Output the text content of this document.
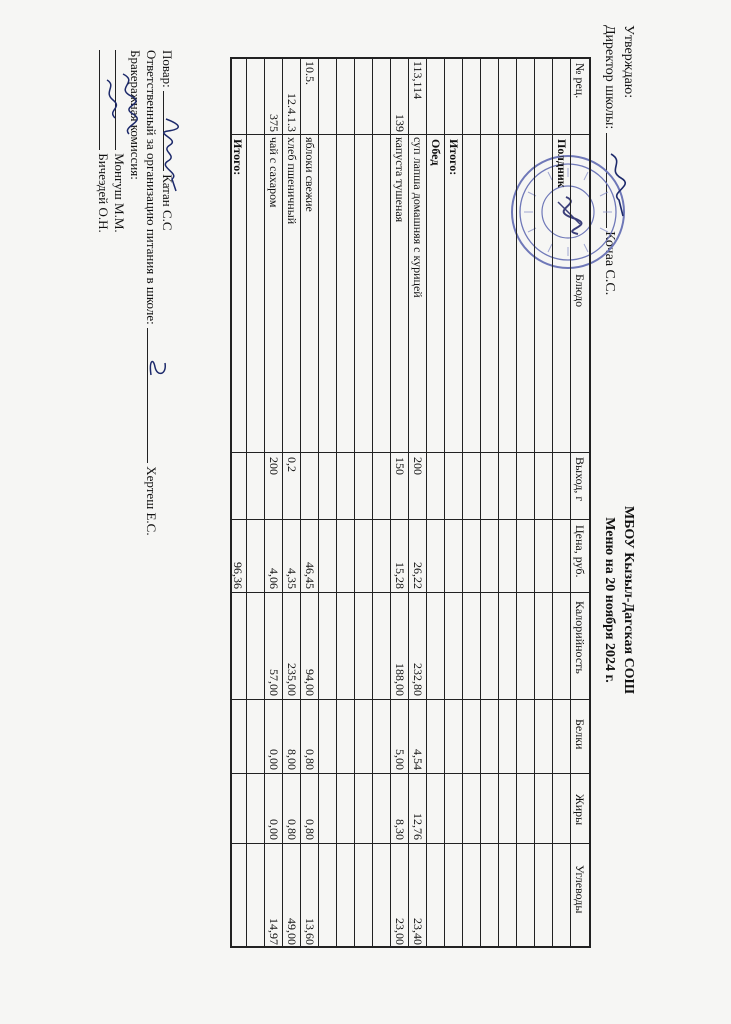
Утверждаю:
Директор школы:  Кочаа С.С.
МБОУ Кызыл-Дагская СОШ
Меню на 20 ноября 2024 г.
№ рец.
Блюдо
Выход, г
Цена, руб.
Калорийность
Белки
Жиры
Углеводы
Полдник
Итого:
Обед
113,114
суп лапша домашняя с курицей
200
26,22
232,80
4,54
12,76
23,40
139
капуста тушеная
150
15,28
188,00
5,00
8,30
23,00
10.5.
яблоки свежие
46,45
94,00
0,80
0,80
13,60
12.4.1.3
хлеб пшеничный
0,2
4,35
235,00
8,00
0,80
49,00
375
чай с сахаром
200
4,06
57,00
0,00
0,00
14,97
Итого:
96,36
Повар:  Катан С.С
Ответственный за организацию питания в школе:  Хертеш Е.С.
Бракеражная комиссия:
Монгуш М.М.
Бичеэдей О.Н.
